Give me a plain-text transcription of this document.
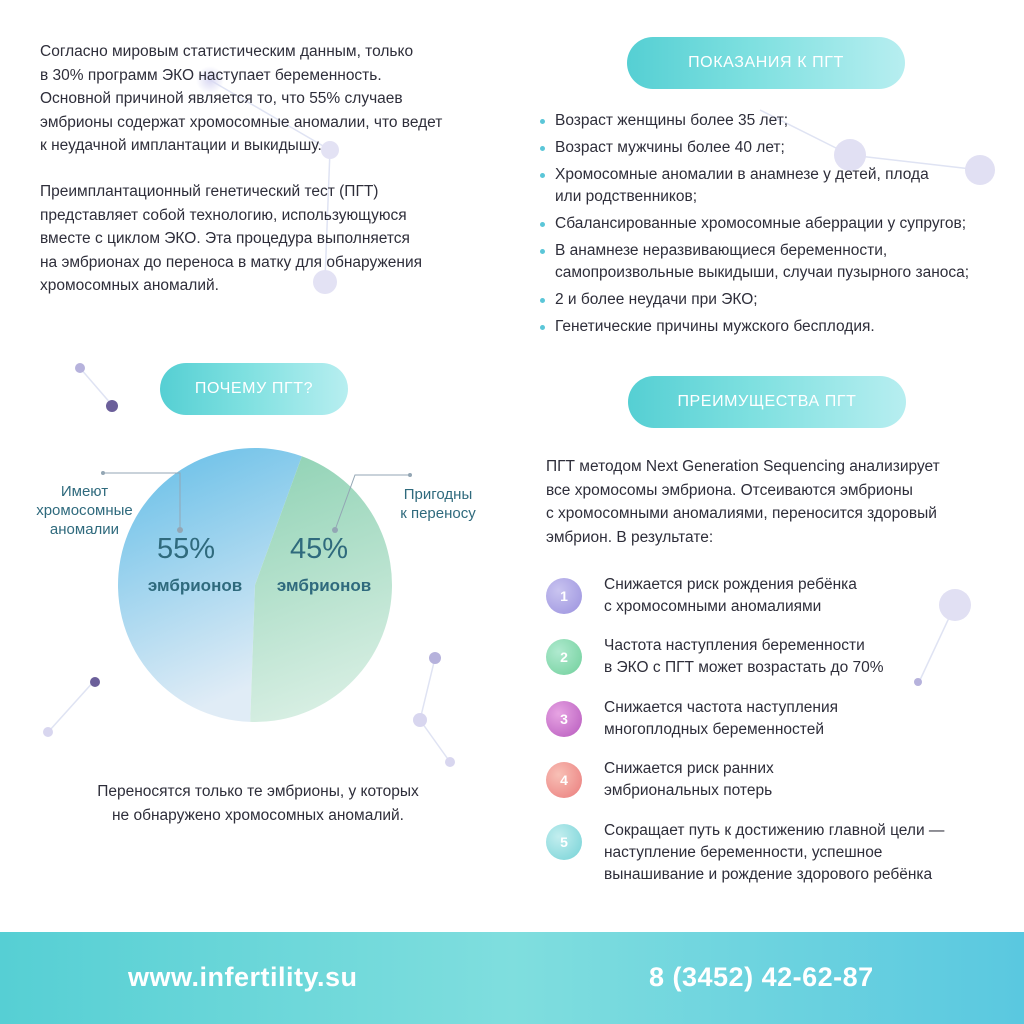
Согласно мировым статистическим данным, только
в 30% программ ЭКО наступает беременность.
Основной причиной является то, что 55% случаев
эмбрионы содержат хромосомные аномалии, что ведет
к неудачной имплантации и выкидышу.

Преимплантационный генетический тест (ПГТ)
представляет собой технологию, использующуюся
вместе с циклом ЭКО. Эта процедура выполняется
на эмбрионах до переноса в матку для обнаружения
хромосомных аномалий.

ПОКАЗАНИЯ К ПГТ
Возраст женщины более 35 лет;
Возраст мужчины более 40 лет;
Хромосомные аномалии в анамнезе у детей, плода или родственников;
Сбалансированные хромосомные аберрации у супругов;
В анамнезе неразвивающиеся беременности, самопроизвольные выкидыши, случаи пузырного заноса;
2 и более неудачи при ЭКО;
Генетические причины мужского бесплодия.
ПОЧЕМУ ПГТ?
Имеют
хромосомные
аномалии
Пригодны
к переносу
55%
эмбрионов
45%
эмбрионов

Переносятся только те эмбрионы, у которых
не обнаружено хромосомных аномалий.

ПРЕИМУЩЕСТВА ПГТ

ПГТ методом Next Generation Sequencing анализирует
все хромосомы эмбриона. Отсеиваются эмбрионы
с хромосомными аномалиями, переносится здоровый
эмбрион. В результате:

1
Снижается риск рождения ребёнка
с хромосомными аномалиями
2
Частота наступления беременности
в ЭКО с ПГТ может возрастать до 70%
3
Снижается частота наступления
многоплодных беременностей
4
Снижается риск ранних
эмбриональных потерь
5
Сокращает путь к достижению главной цели —
наступление беременности, успешное
вынашивание и рождение здорового ребёнка
www.infertility.su	8 (3452) 42-62-87
